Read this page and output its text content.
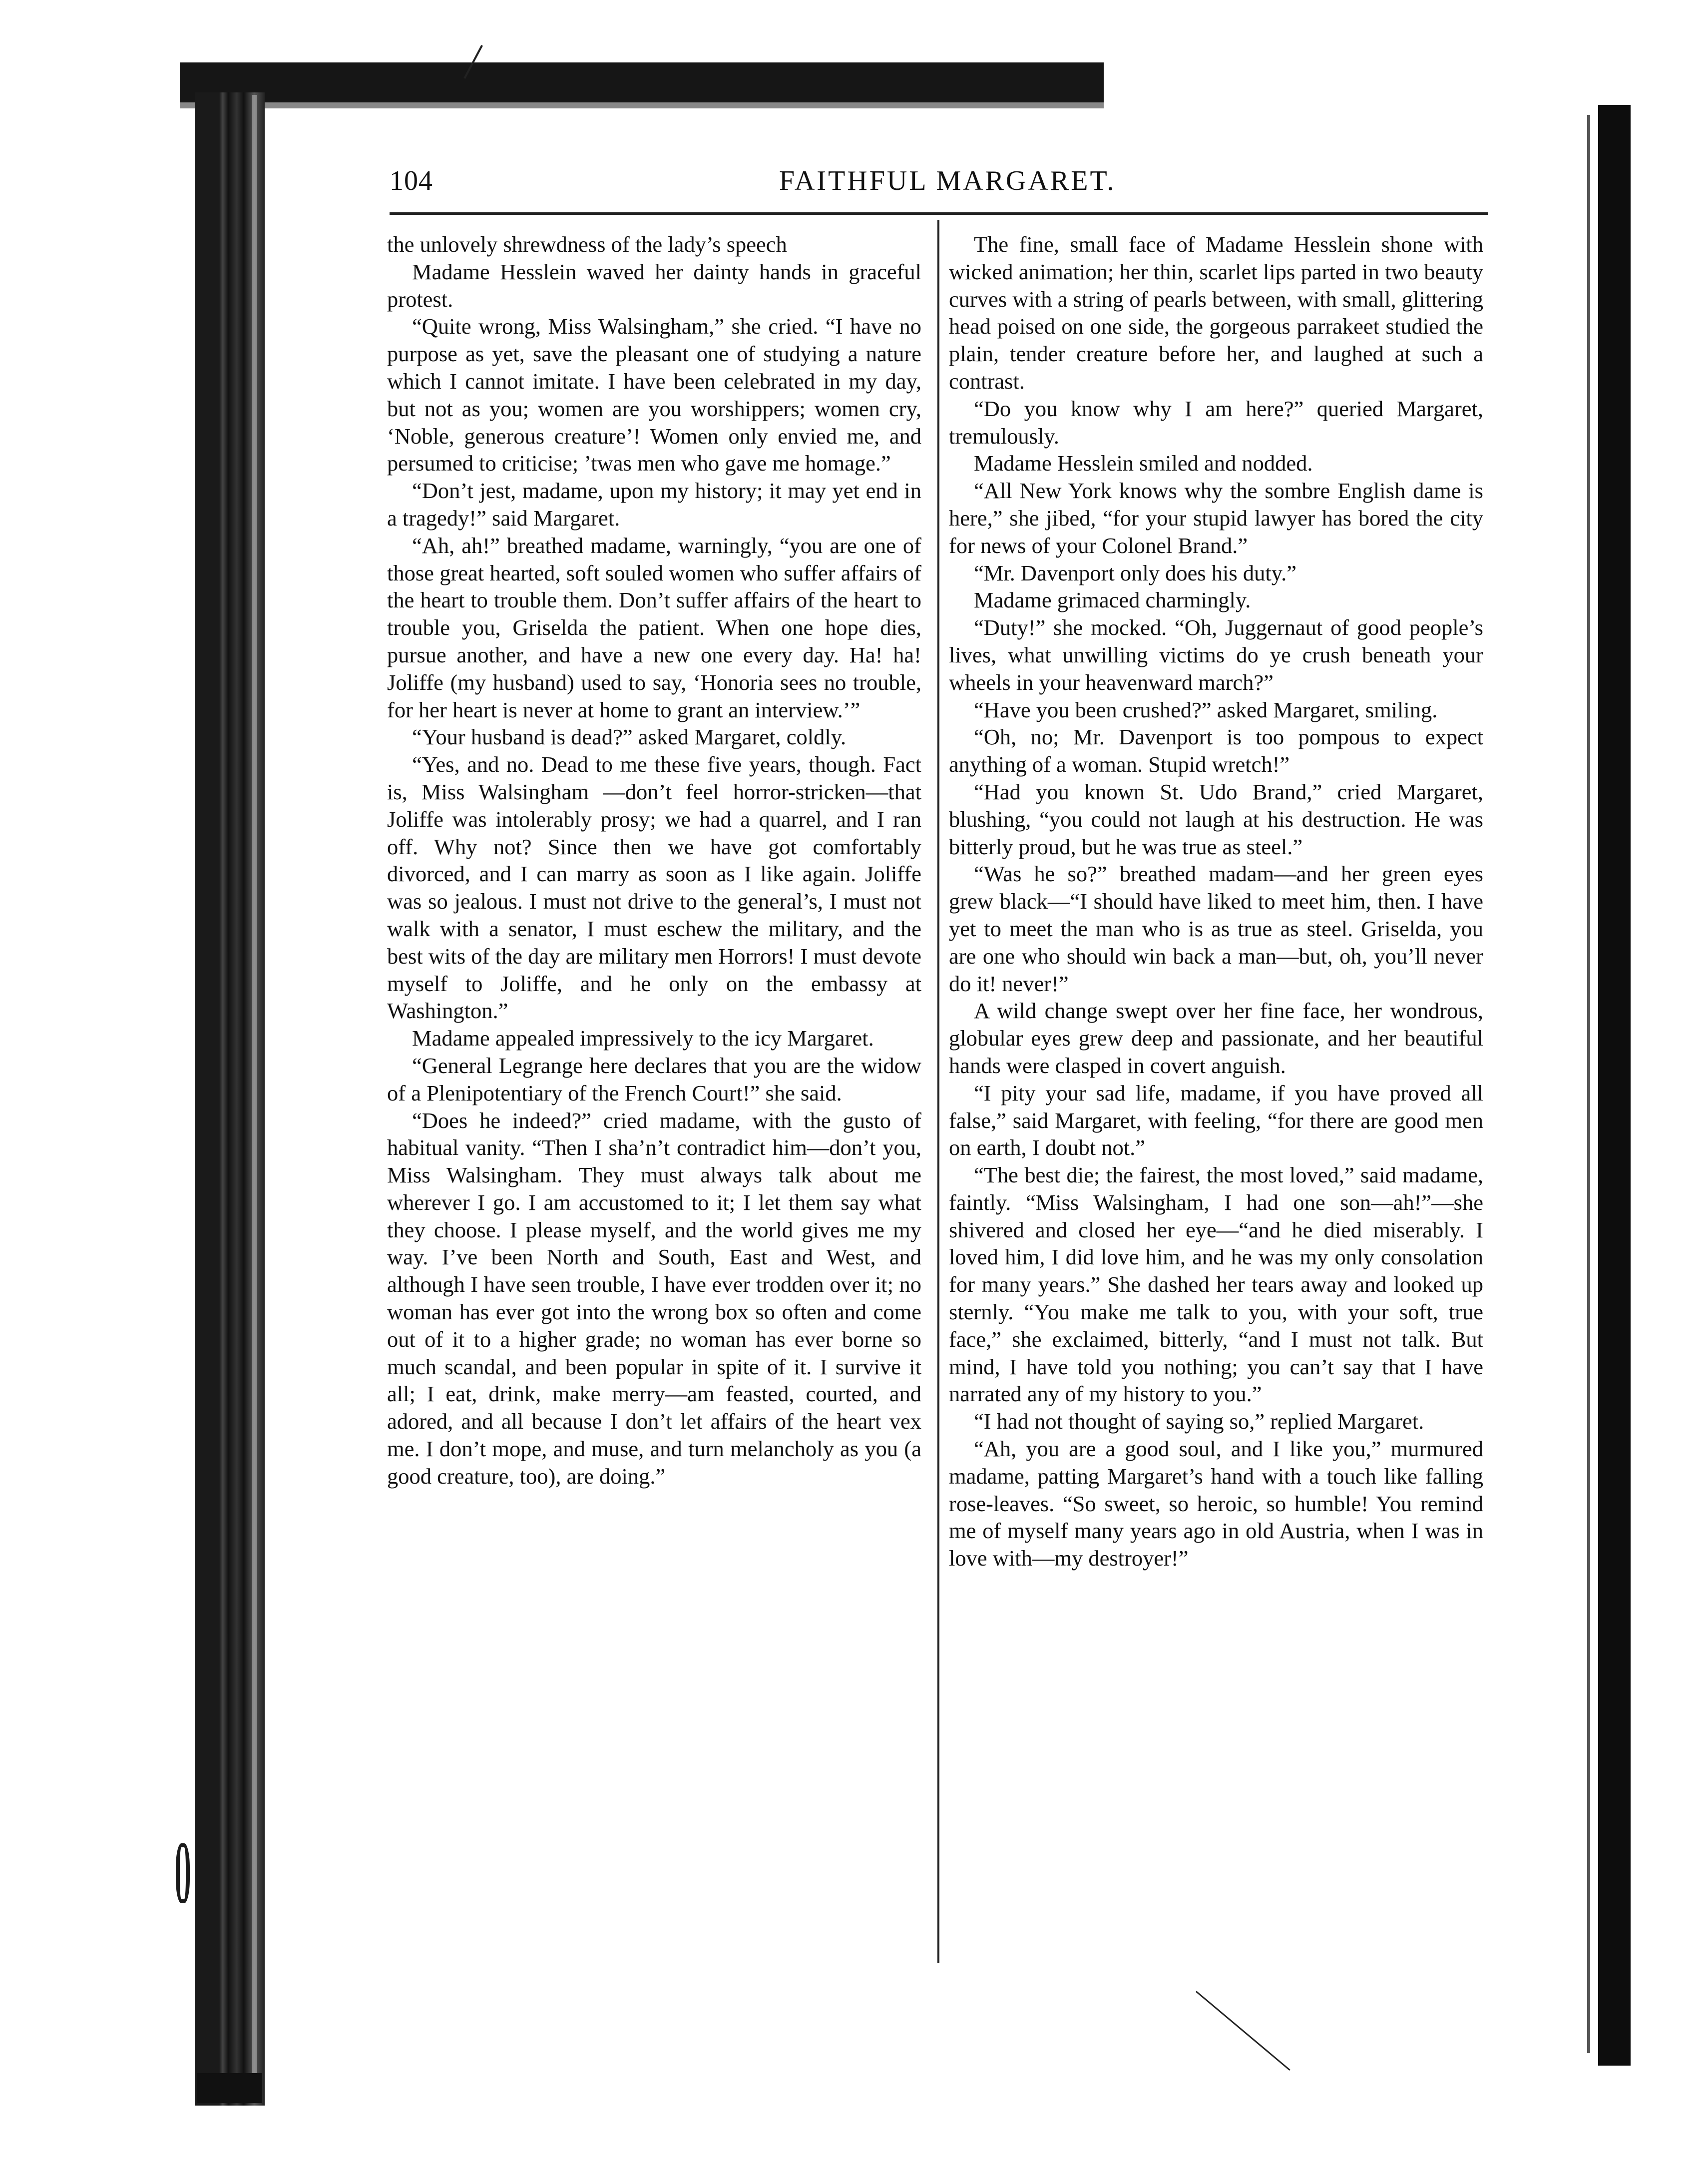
104	FAITHFUL MARGARET.

the unlovely shrewdness of the lady’s speech

Madame Hesslein waved her dainty hands in graceful protest.

“Quite wrong, Miss Walsingham,” she cried. “I have no purpose as yet, save the pleasant one of studying a nature which I cannot imitate. I have been celebrated in my day, but not as you; women are you worshippers; women cry, ‘Noble, generous creature’! Women only envied me, and persumed to criticise; ’twas men who gave me homage.”

“Don’t jest, madame, upon my history; it may yet end in a tragedy!” said Margaret.

“Ah, ah!” breathed madame, warningly, “you are one of those great hearted, soft souled women who suffer affairs of the heart to trouble them. Don’t suffer affairs of the heart to trouble you, Griselda the patient. When one hope dies, pursue another, and have a new one every day. Ha! ha! Joliffe (my husband) used to say, ‘Honoria sees no trouble, for her heart is never at home to grant an interview.’”

“Your husband is dead?” asked Margaret, coldly.

“Yes, and no. Dead to me these five years, though. Fact is, Miss Walsingham —don’t feel horror-stricken—that Joliffe was intolerably prosy; we had a quarrel, and I ran off. Why not? Since then we have got comfortably divorced, and I can marry as soon as I like again. Joliffe was so jealous. I must not drive to the general’s, I must not walk with a senator, I must eschew the military, and the best wits of the day are military men Horrors! I must devote myself to Joliffe, and he only on the embassy at Washington.”

Madame appealed impressively to the icy Margaret.

“General Legrange here declares that you are the widow of a Plenipotentiary of the French Court!” she said.

“Does he indeed?” cried madame, with the gusto of habitual vanity. “Then I sha’n’t contradict him—don’t you, Miss Walsingham. They must always talk about me wherever I go. I am accustomed to it; I let them say what they choose. I please myself, and the world gives me my way. I’ve been North and South, East and West, and although I have seen trouble, I have ever trodden over it; no woman has ever got into the wrong box so often and come out of it to a higher grade; no woman has ever borne so much scandal, and been popular in spite of it. I survive it all; I eat, drink, make merry—am feasted, courted, and adored, and all because I don’t let affairs of the heart vex me. I don’t mope, and muse, and turn melancholy as you (a good creature, too), are doing.”

The fine, small face of Madame Hesslein shone with wicked animation; her thin, scarlet lips parted in two beauty curves with a string of pearls between, with small, glittering head poised on one side, the gorgeous parrakeet studied the plain, tender creature before her, and laughed at such a contrast.

“Do you know why I am here?” queried Margaret, tremulously.

Madame Hesslein smiled and nodded.

“All New York knows why the sombre English dame is here,” she jibed, “for your stupid lawyer has bored the city for news of your Colonel Brand.”

“Mr. Davenport only does his duty.”

Madame grimaced charmingly.

“Duty!” she mocked. “Oh, Juggernaut of good people’s lives, what unwilling victims do ye crush beneath your wheels in your heavenward march?”

“Have you been crushed?” asked Margaret, smiling.

“Oh, no; Mr. Davenport is too pompous to expect anything of a woman. Stupid wretch!”

“Had you known St. Udo Brand,” cried Margaret, blushing, “you could not laugh at his destruction. He was bitterly proud, but he was true as steel.”

“Was he so?” breathed madam—and her green eyes grew black—“I should have liked to meet him, then. I have yet to meet the man who is as true as steel. Griselda, you are one who should win back a man—but, oh, you’ll never do it! never!”

A wild change swept over her fine face, her wondrous, globular eyes grew deep and passionate, and her beautiful hands were clasped in covert anguish.

“I pity your sad life, madame, if you have proved all false,” said Margaret, with feeling, “for there are good men on earth, I doubt not.”

“The best die; the fairest, the most loved,” said madame, faintly. “Miss Walsingham, I had one son—ah!”—she shivered and closed her eye—“and he died miserably. I loved him, I did love him, and he was my only consolation for many years.” She dashed her tears away and looked up sternly. “You make me talk to you, with your soft, true face,” she exclaimed, bitterly, “and I must not talk. But mind, I have told you nothing; you can’t say that I have narrated any of my history to you.”

“I had not thought of saying so,” replied Margaret.

“Ah, you are a good soul, and I like you,” murmured madame, patting Margaret’s hand with a touch like falling rose-leaves. “So sweet, so heroic, so humble! You remind me of myself many years ago in old Austria, when I was in love with—my destroyer!”
